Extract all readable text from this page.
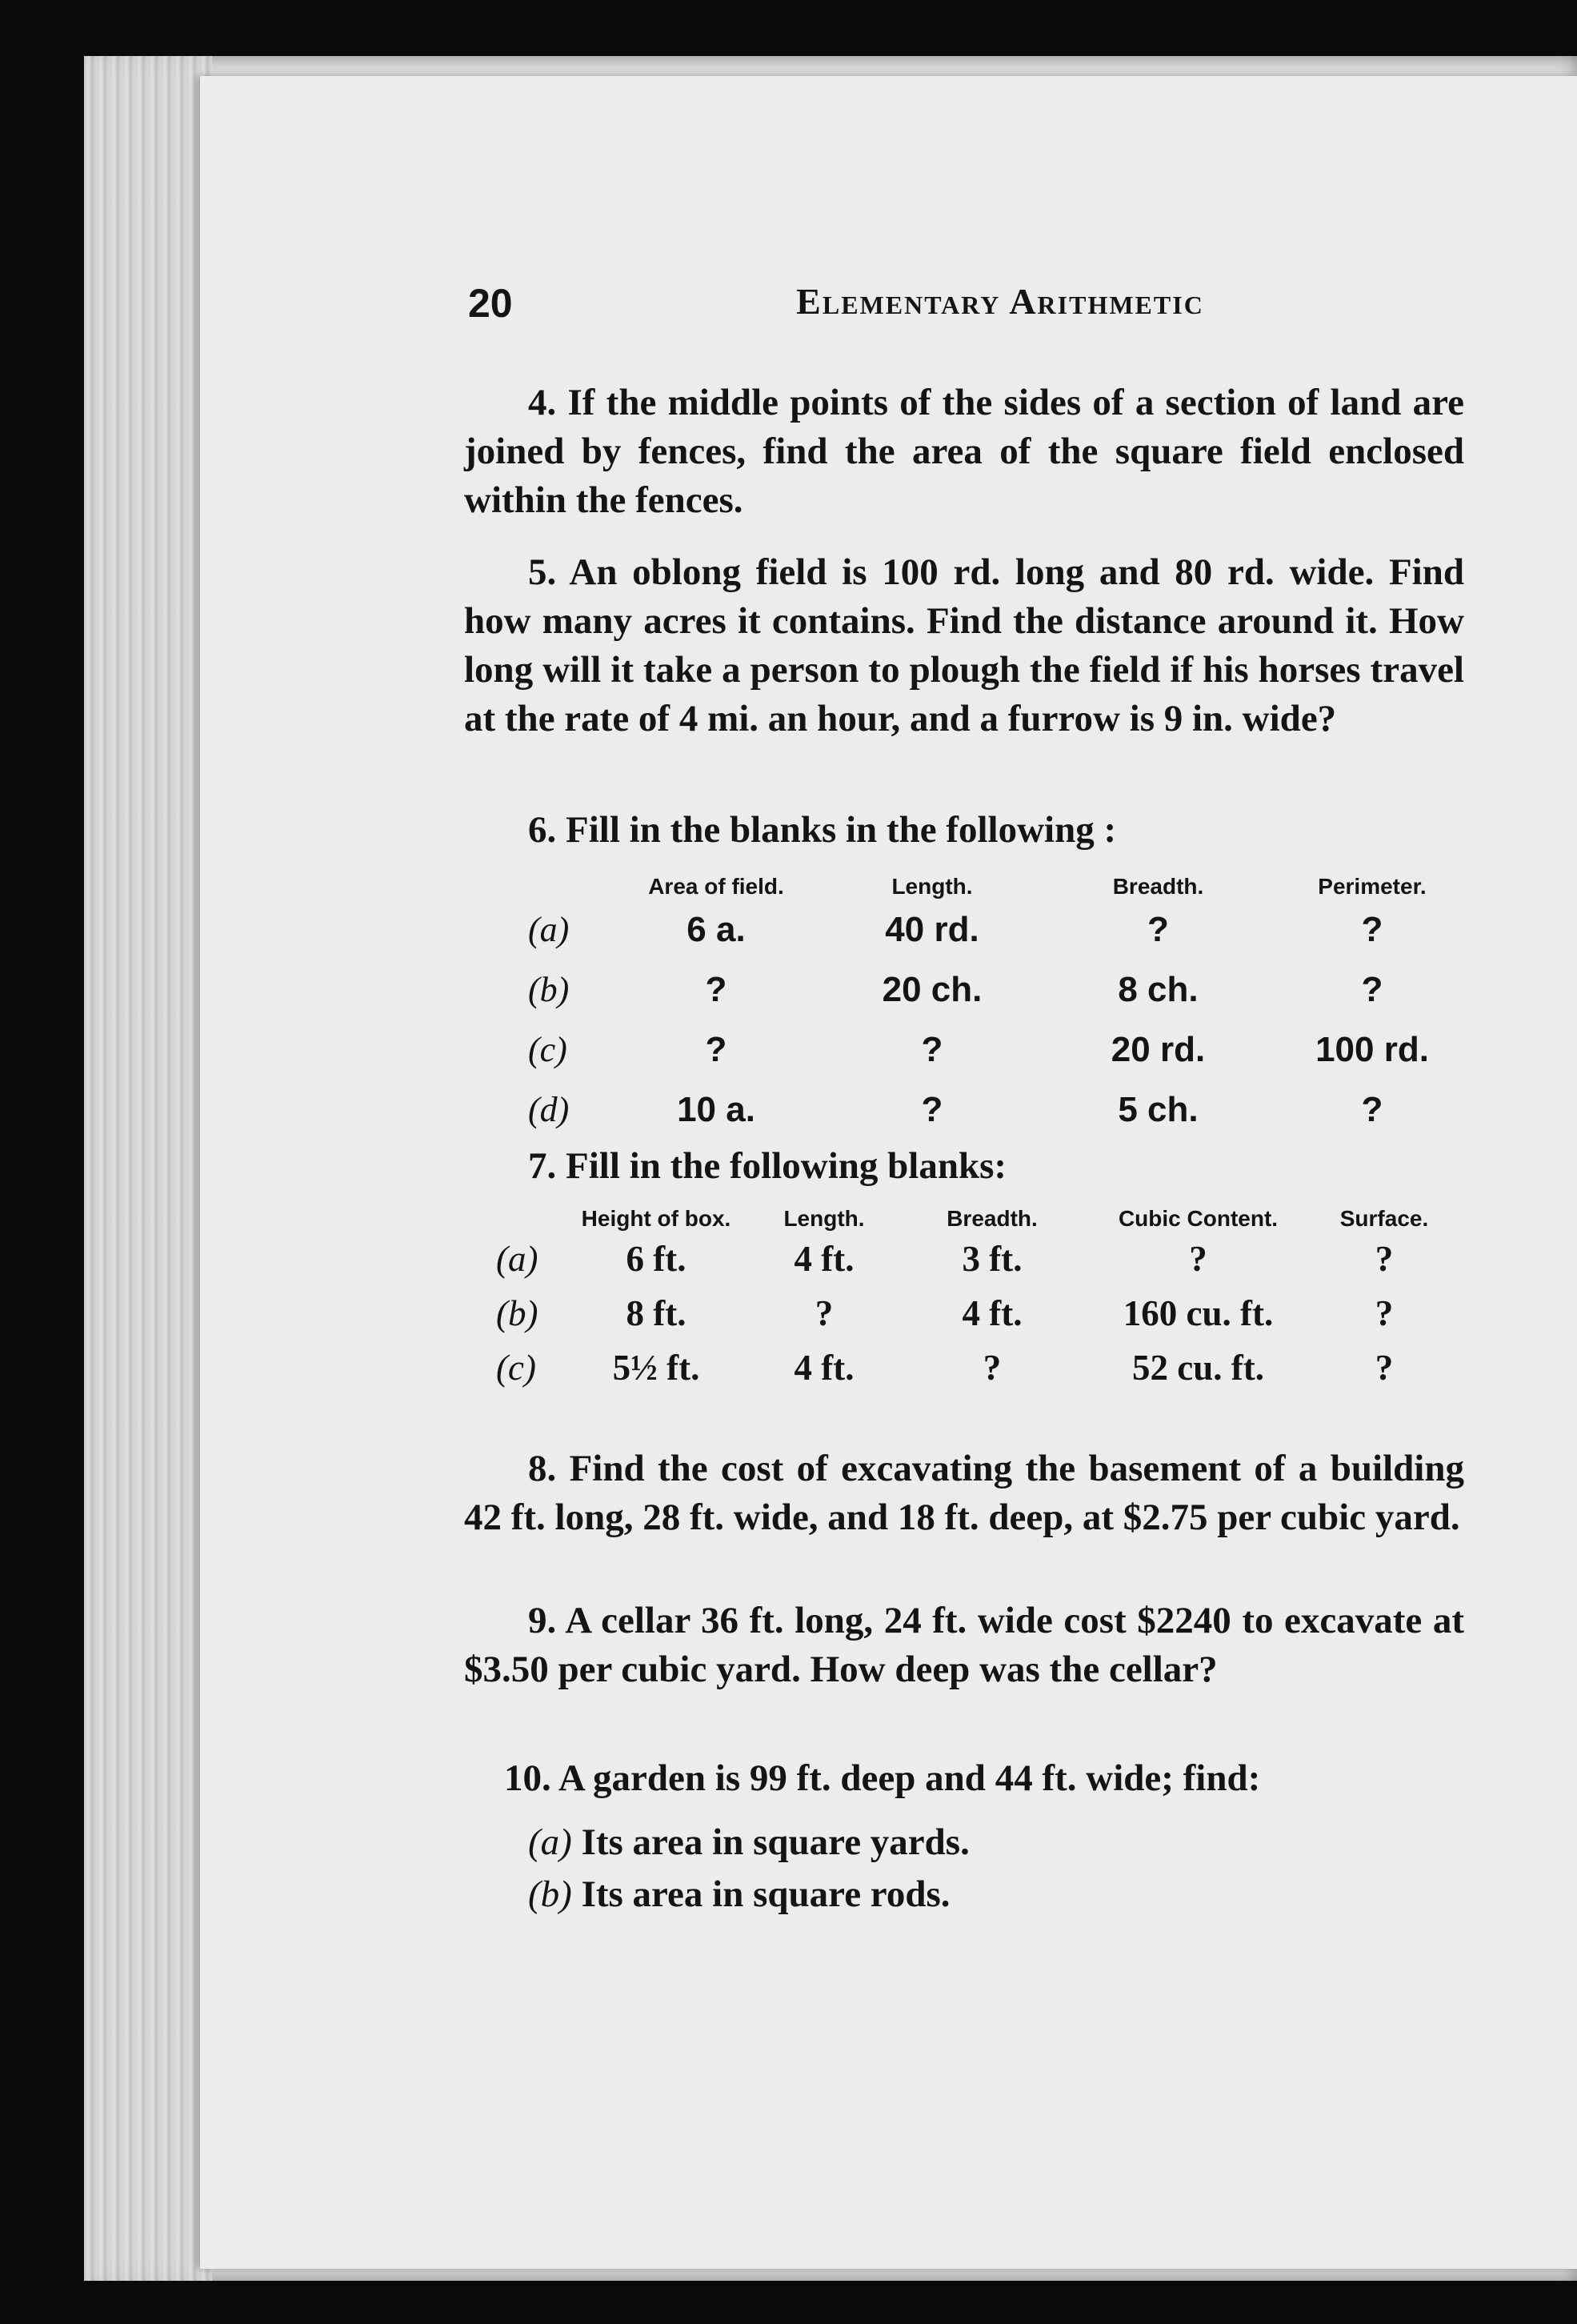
20	Elementary Arithmetic

4. If the middle points of the sides of a section of land are joined by fences, find the area of the square field enclosed within the fences.

5. An oblong field is 100 rd. long and 80 rd. wide. Find how many acres it contains. Find the distance around it. How long will it take a person to plough the field if his horses travel at the rate of 4 mi. an hour, and a furrow is 9 in. wide?

6. Fill in the blanks in the following :

	Area of field.	Length.	Breadth.	Perimeter.
(a)	6 a.	40 rd.	?	?
(b)	?	20 ch.	8 ch.	?
(c)	?	?	20 rd.	100 rd.
(d)	10 a.	?	5 ch.	?

7. Fill in the following blanks:

	Height of box.	Length.	Breadth.	Cubic Content.	Surface.
(a)	6 ft.	4 ft.	3 ft.	?	?
(b)	8 ft.	?	4 ft.	160 cu. ft.	?
(c)	5½ ft.	4 ft.	?	52 cu. ft.	?

8. Find the cost of excavating the basement of a building 42 ft. long, 28 ft. wide, and 18 ft. deep, at $2.75 per cubic yard.

9. A cellar 36 ft. long, 24 ft. wide cost $2240 to excavate at $3.50 per cubic yard. How deep was the cellar?

10. A garden is 99 ft. deep and 44 ft. wide; find:

(a) Its area in square yards.

(b) Its area in square rods.
